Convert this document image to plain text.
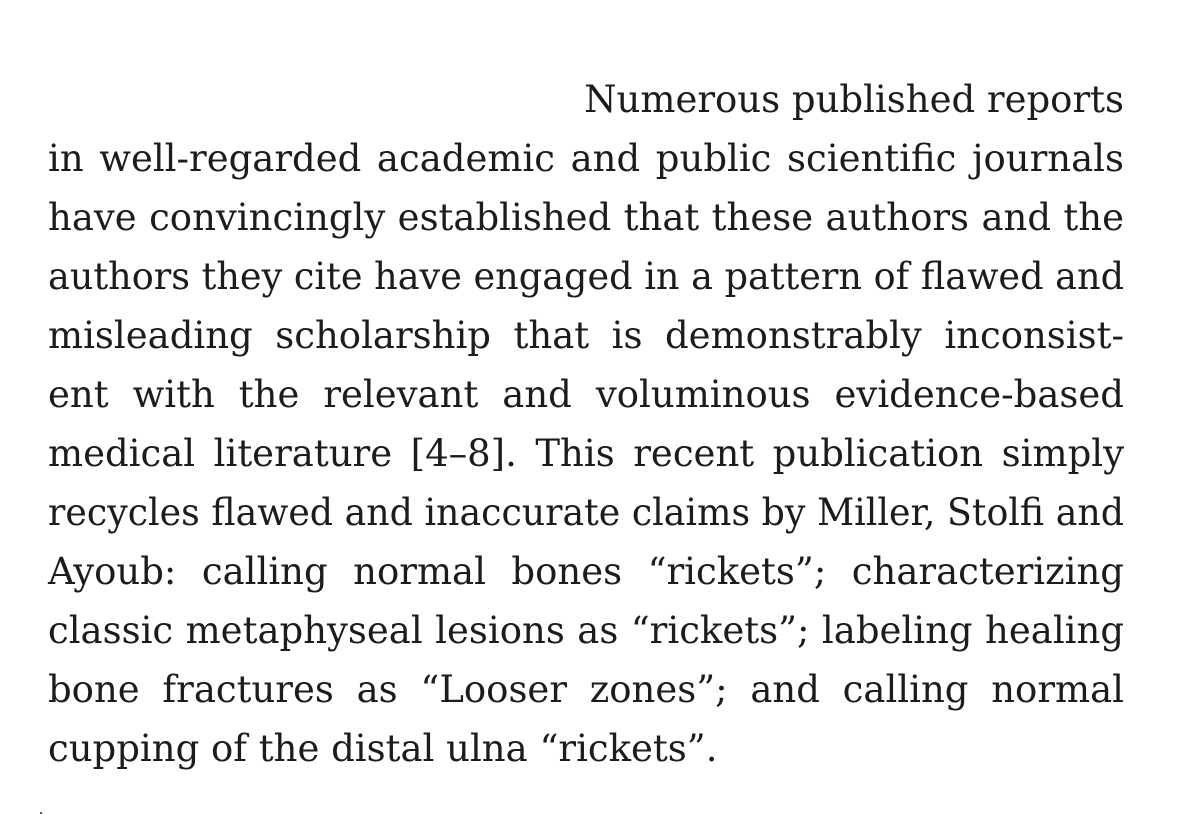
Numerous published reports
in well-regarded academic and public scientific journals
have convincingly established that these authors and the
authors they cite have engaged in a pattern of flawed and
misleading scholarship that is demonstrably inconsist-
ent with the relevant and voluminous evidence-based
medical literature [4–8]. This recent publication simply
recycles flawed and inaccurate claims by Miller, Stolfi and
Ayoub: calling normal bones “rickets”; characterizing
classic metaphyseal lesions as “rickets”; labeling healing
bone fractures as “Looser zones”; and calling normal
cupping of the distal ulna “rickets”.
